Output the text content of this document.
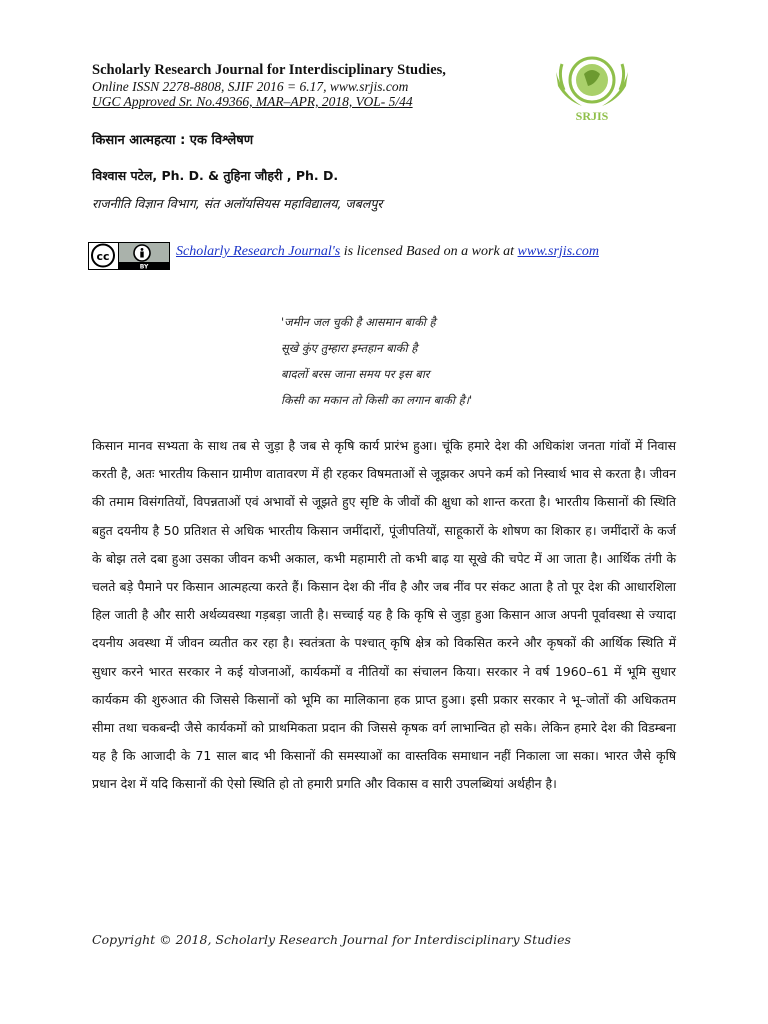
Scholarly Research Journal for Interdisciplinary Studies,
Online ISSN 2278-8808, SJIF 2016 = 6.17, www.srjis.com
UGC Approved Sr. No.49366, MAR–APR, 2018, VOL- 5/44
SRJIS
किसान आत्महत्या : एक विश्लेषण
विश्वास पटेल, Ph. D. & तुहिना जौहरी , Ph. D.
राजनीति विज्ञान विभाग, संत अलॉयसियस महाविद्यालय, जबलपुर
cc
BY
Scholarly Research Journal's is licensed Based on a work at www.srjis.com
'जमीन जल चुकी है आसमान बाकी है
सूखे कुंए तुम्हारा इम्तहान बाकी है
बादलों बरस जाना समय पर इस बार
किसी का मकान तो किसी का लगान बाकी है।'
किसान मानव सभ्यता के साथ तब से जुड़ा है जब से कृषि कार्य प्रारंभ हुआ। चूंकि हमारे देश की अधिकांश जनता गांवों में निवास करती है, अतः भारतीय किसान ग्रामीण वातावरण में ही रहकर विषमताओं से जूझकर अपने कर्म को निस्वार्थ भाव से करता है। जीवन की तमाम विसंगतियों, विपन्नताओं एवं अभावों से जूझते हुए सृष्टि के जीवों की क्षुधा को शान्त करता है। भारतीय किसानों की स्थिति बहुत दयनीय है 50 प्रतिशत से अधिक भारतीय किसान जमींदारों, पूंजीपतियों, साहूकारों के शोषण का शिकार ह। जमींदारों के कर्ज के बोझ तले दबा हुआ उसका जीवन कभी अकाल, कभी महामारी तो कभी बाढ़ या सूखे की चपेट में आ जाता है। आर्थिक तंगी के चलते बड़े पैमाने पर किसान आत्महत्या करते हैं। किसान देश की नींव है और जब नींव पर संकट आता है तो पूर देश की आधारशिला हिल जाती है और सारी अर्थव्यवस्था गड़बड़ा जाती है। सच्चाई यह है कि कृषि से जुड़ा हुआ किसान आज अपनी पूर्वावस्था से ज्यादा दयनीय अवस्था में जीवन व्यतीत कर रहा है। स्वतंत्रता के पश्चात् कृषि क्षेत्र को विकसित करने और कृषकों की आर्थिक स्थिति में सुधार करने भारत सरकार ने कई योजनाओं, कार्यकमों व नीतियों का संचालन किया। सरकार ने वर्ष 1960–61 में भूमि सुधार कार्यकम की शुरुआत की जिससे किसानों को भूमि का मालिकाना हक प्राप्त हुआ। इसी प्रकार सरकार ने भू–जोतों की अधिकतम सीमा तथा चकबन्दी जैसे कार्यकमों को प्राथमिकता प्रदान की जिससे कृषक वर्ग लाभान्वित हो सके। लेकिन हमारे देश की विडम्बना यह है कि आजादी के 71 साल बाद भी किसानों की समस्याओं का वास्तविक समाधान नहीं निकाला जा सका। भारत जैसे कृषि प्रधान देश में यदि किसानों की ऐसो स्थिति हो तो हमारी प्रगति और विकास व सारी उपलब्धियां अर्थहीन है।
Copyright © 2018, Scholarly Research Journal for Interdisciplinary Studies
